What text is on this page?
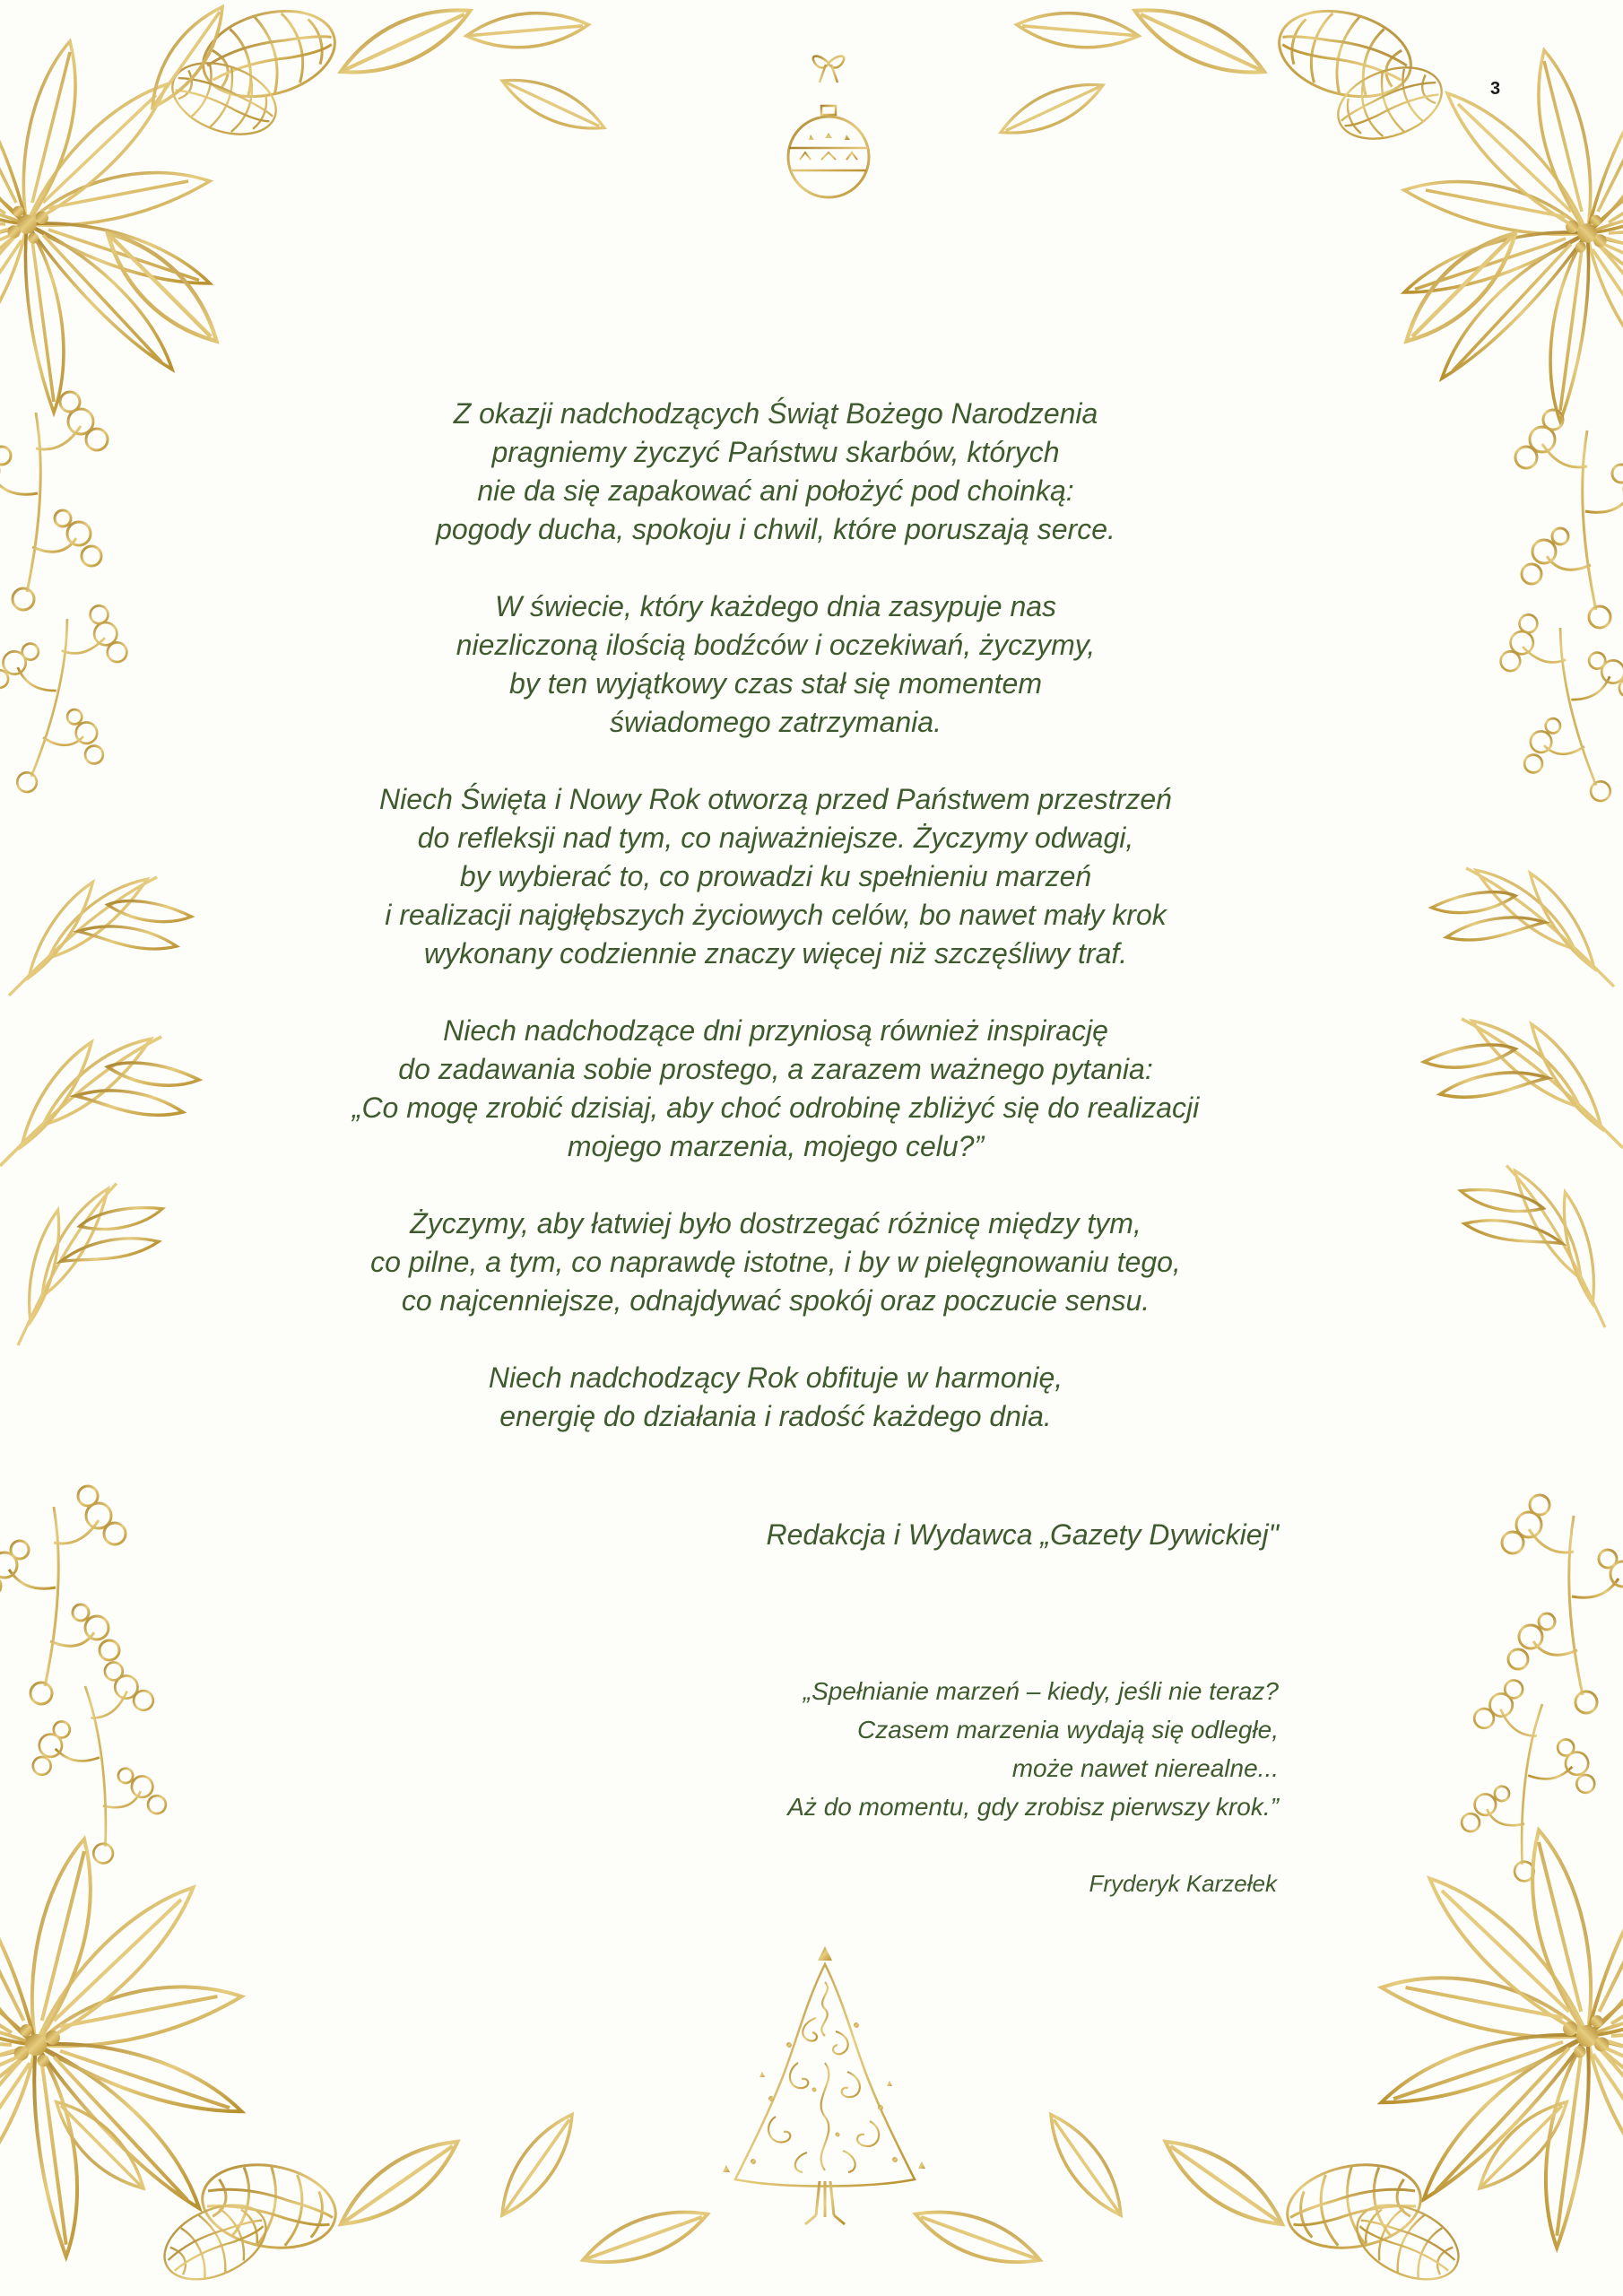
3
Z okazji nadchodzących Świąt Bożego Narodzenia
pragniemy życzyć Państwu skarbów, których
nie da się zapakować ani położyć pod choinką:
pogody ducha, spokoju i chwil, które poruszają serce.
W świecie, który każdego dnia zasypuje nas
niezliczoną ilością bodźców i oczekiwań, życzymy,
by ten wyjątkowy czas stał się momentem
świadomego zatrzymania.
Niech Święta i Nowy Rok otworzą przed Państwem przestrzeń
do refleksji nad tym, co najważniejsze. Życzymy odwagi,
by wybierać to, co prowadzi ku spełnieniu marzeń
i realizacji najgłębszych życiowych celów, bo nawet mały krok
wykonany codziennie znaczy więcej niż szczęśliwy traf.
Niech nadchodzące dni przyniosą również inspirację
do zadawania sobie prostego, a zarazem ważnego pytania:
„Co mogę zrobić dzisiaj, aby choć odrobinę zbliżyć się do realizacji
mojego marzenia, mojego celu?”
Życzymy, aby łatwiej było dostrzegać różnicę między tym,
co pilne, a tym, co naprawdę istotne, i by w pielęgnowaniu tego,
co najcenniejsze, odnajdywać spokój oraz poczucie sensu.
Niech nadchodzący Rok obfituje w harmonię,
energię do działania i radość każdego dnia.
Redakcja i Wydawca „Gazety Dywickiej"
„Spełnianie marzeń – kiedy, jeśli nie teraz?
Czasem marzenia wydają się odległe,
może nawet nierealne...
Aż do momentu, gdy zrobisz pierwszy krok.”
Fryderyk Karzełek
